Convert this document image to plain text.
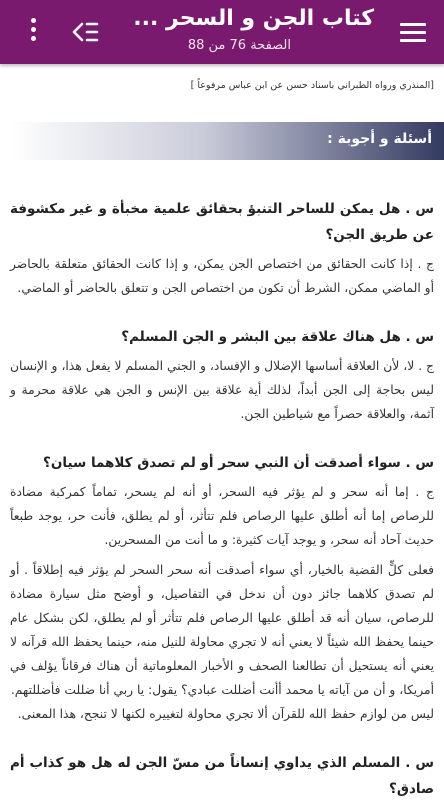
كتاب الجن و السحر ...
الصفحة 76 من 88
[المنذري ورواه الطبراني باسناد حسن عن ابن عباس مرفوعاً ]
أسئلة و أجوبة :

س . هل يمكن للساحر التنبؤ بحقائق علمية مخبأة و غير مكشوفة عن طريق الجن؟

ج . إذا كانت الحقائق من اختصاص الجن يمكن، و إذا كانت الحقائق متعلقة بالحاضر أو الماضي ممكن، الشرط أن تكون من اختصاص الجن و تتعلق بالحاضر أو الماضي.

س . هل هناك علاقة بين البشر و الجن المسلم؟

ج . لا، لأن العلاقة أساسها الإضلال و الإفساد، و الجني المسلم لا يفعل هذا، و الإنسان ليس بحاجة إلى الجن أبداً، لذلك أية علاقة بين الإنس و الجن هي علاقة محرمة و آثمة، والعلاقة حصراً مع شياطين الجن.

س . سواء أصدقت أن النبي سحر أو لم تصدق كلاهما سيان؟

ج . إما أنه سحر و لم يؤثر فيه السحر، أو أنه لم يسحر، تماماً كمركبة مضادة للرصاص إما أنه أطلق عليها الرصاص فلم تتأثر، أو لم يطلق، فأنت حر، يوجد طبعاً حديث آحاد أنه سحر، و يوجد آيات كثيرة: و ما أنت من المسحرين.

فعلى كلٍّ القضية بالخيار، أي سواء أصدقت أنه سحر السحر لم يؤثر فيه إطلاقاً . أو لم تصدق كلاهما جائز دون أن ندخل في التفاصيل، و أوضح مثل سيارة مضادة للرصاص، سيان أنه قد أطلق عليها الرصاص فلم تتأثر أو لم يطلق، لكن بشكل عام حينما يحفظ الله شيئاً لا يعني أنه لا تجري محاولة للنيل منه، حينما يحفظ الله قرآنه لا يعني أنه يستحيل أن تطالعنا الصحف و الأخبار المعلوماتية أن هناك فرقاناً يؤلف في أمريكا، و أن من آياته يا محمد أأنت أضللت عبادي؟ يقول: يا ربي أنا ضللت فأضللتهم.

ليس من لوازم حفظ الله للقرآن ألا تجري محاولة لتغييره لكنها لا تنجح، هذا المعنى.

س . المسلم الذي يداوي إنساناً من مسّ الجن له هل هو كذاب أم صادق؟
